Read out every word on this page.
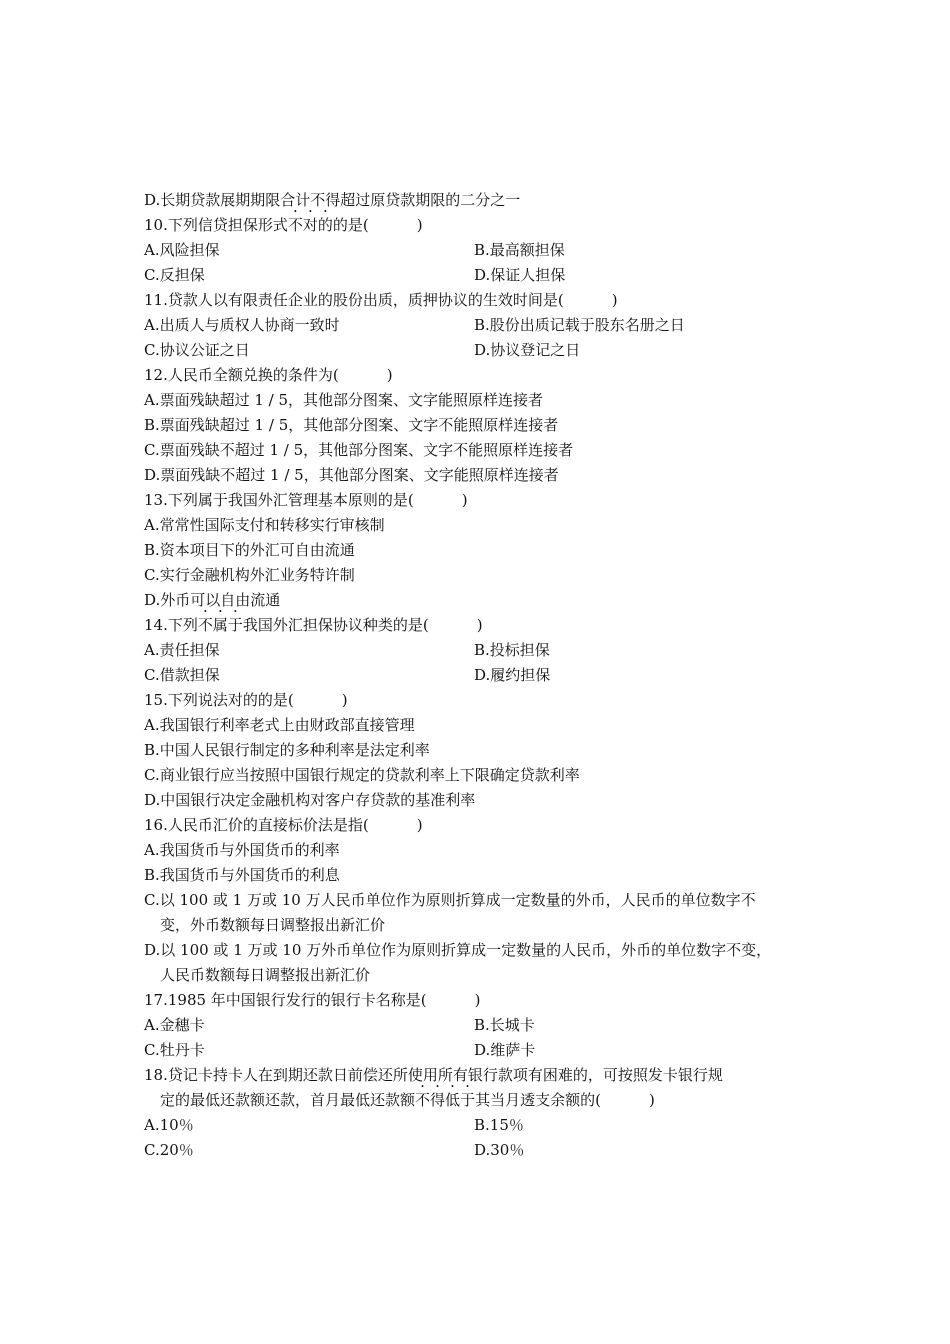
D.长期贷款展期期限合计不得超过原贷款期限的二分之一
10.下列信贷担保形式不对的的是(	)
A.风险担保	B.最高额担保
C.反担保	D.保证人担保
11.贷款人以有限责任企业的股份出质，质押协议的生效时间是(	)
A.出质人与质权人协商一致时	B.股份出质记载于股东名册之日
C.协议公证之日	D.协议登记之日
12.人民币全额兑换的条件为(	)
A.票面残缺超过 1 / 5，其他部分图案、文字能照原样连接者
B.票面残缺超过 1 / 5，其他部分图案、文字不能照原样连接者
C.票面残缺不超过 1 / 5，其他部分图案、文字不能照原样连接者
D.票面残缺不超过 1 / 5，其他部分图案、文字能照原样连接者
13.下列属于我国外汇管理基本原则的是(	)
A.常常性国际支付和转移实行审核制
B.资本项目下的外汇可自由流通
C.实行金融机构外汇业务特许制
D.外币可以自由流通
14.下列不属于我国外汇担保协议种类的是(	)
A.责任担保	B.投标担保
C.借款担保	D.履约担保
15.下列说法对的的是(	)
A.我国银行利率老式上由财政部直接管理
B.中国人民银行制定的多种利率是法定利率
C.商业银行应当按照中国银行规定的贷款利率上下限确定贷款利率
D.中国银行决定金融机构对客户存贷款的基准利率
16.人民币汇价的直接标价法是指(	)
A.我国货币与外国货币的利率
B.我国货币与外国货币的利息
C.以 100 或 1 万或 10 万人民币单位作为原则折算成一定数量的外币，人民币的单位数字不
变，外币数额每日调整报出新汇价
D.以 100 或 1 万或 10 万外币单位作为原则折算成一定数量的人民币，外币的单位数字不变，
人民币数额每日调整报出新汇价
17.1985 年中国银行发行的银行卡名称是(	)
A.金穗卡	B.长城卡
C.牡丹卡	D.维萨卡
18.贷记卡持卡人在到期还款日前偿还所使用所有银行款项有困难的，可按照发卡银行规
定的最低还款额还款，首月最低还款额不得低于其当月透支余额的(	)
A.10％	B.15％
C.20％	D.30％
